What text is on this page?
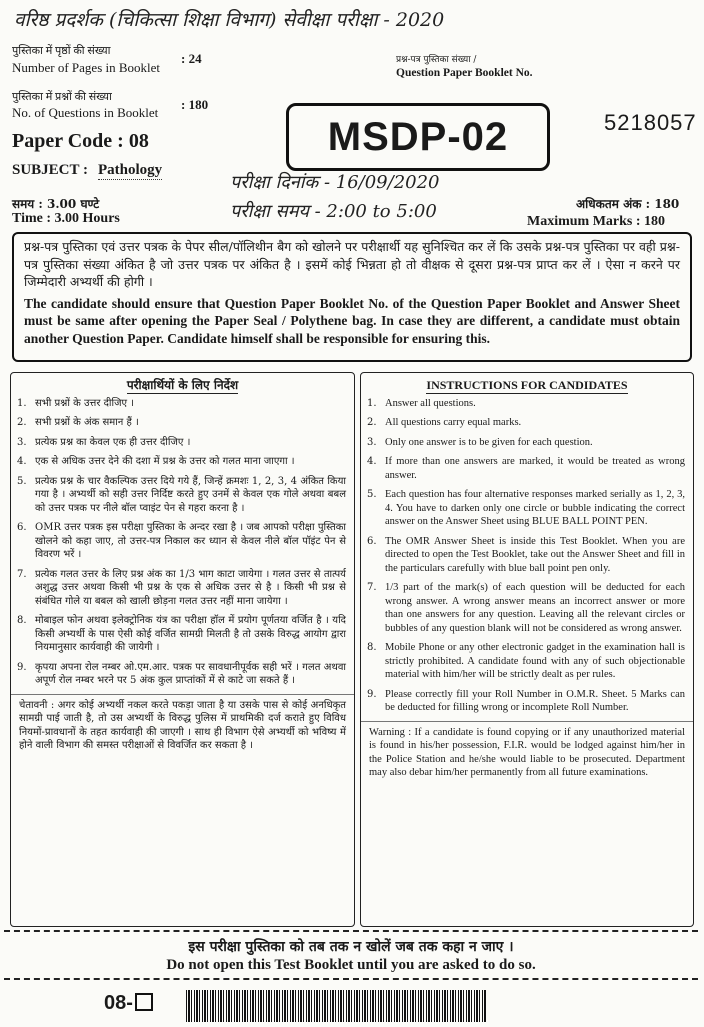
वरिष्ठ प्रदर्शक (चिकित्सा शिक्षा विभाग) सेवीक्षा परीक्षा - 2020
पुस्तिका में पृष्ठों की संख्या
Number of Pages in Booklet
: 24
पुस्तिका में प्रश्नों की संख्या
No. of Questions in Booklet
: 180
Paper Code : 08
SUBJECT : Pathology
समय : 3.00 घण्टे
Time : 3.00 Hours
प्रश्न-पत्र पुस्तिका संख्या /
Question Paper Booklet No.
5218057
MSDP-02
परीक्षा दिनांक - 16/09/2020
परीक्षा समय - 2:00 to 5:00	अधिकतम अंक : 180
Maximum Marks : 180
प्रश्न-पत्र पुस्तिका एवं उत्तर पत्रक के पेपर सील/पॉलिथीन बैग को खोलने पर परीक्षार्थी यह सुनिश्चित कर लें कि उसके प्रश्न-पत्र पुस्तिका पर वही प्रश्न-पत्र पुस्तिका संख्या अंकित है जो उत्तर पत्रक पर अंकित है । इसमें कोई भिन्नता हो तो वीक्षक से दूसरा प्रश्न-पत्र प्राप्त कर लें । ऐसा न करने पर जिम्मेदारी अभ्यर्थी की होगी ।
The candidate should ensure that Question Paper Booklet No. of the Question Paper Booklet and Answer Sheet must be same after opening the Paper Seal / Polythene bag. In case they are different, a candidate must obtain another Question Paper. Candidate himself shall be responsible for ensuring this.
परीक्षार्थियों के लिए निर्देश
1. सभी प्रश्नों के उत्तर दीजिए ।
2. सभी प्रश्नों के अंक समान हैं ।
3. प्रत्येक प्रश्न का केवल एक ही उत्तर दीजिए ।
4. एक से अधिक उत्तर देने की दशा में प्रश्न के उत्तर को गलत माना जाएगा ।
5. प्रत्येक प्रश्न के चार वैकल्पिक उत्तर दिये गये हैं, जिन्हें क्रमशः 1, 2, 3, 4 अंकित किया गया है । अभ्यर्थी को सही उत्तर निर्दिष्ट करते हुए उनमें से केवल एक गोले अथवा बबल को उत्तर पत्रक पर नीले बॉल प्वाइंट पेन से गहरा करना है ।
6. OMR उत्तर पत्रक इस परीक्षा पुस्तिका के अन्दर रखा है । जब आपको परीक्षा पुस्तिका खोलने को कहा जाए, तो उत्तर-पत्र निकाल कर ध्यान से केवल नीले बॉल पॉइंट पेन से विवरण भरें ।
7. प्रत्येक गलत उत्तर के लिए प्रश्न अंक का 1/3 भाग काटा जायेगा । गलत उत्तर से तात्पर्य अशुद्ध उत्तर अथवा किसी भी प्रश्न के एक से अधिक उत्तर से है । किसी भी प्रश्न से संबंधित गोले या बबल को खाली छोड़ना गलत उत्तर नहीं माना जायेगा ।
8. मोबाइल फोन अथवा इलेक्ट्रोनिक यंत्र का परीक्षा हॉल में प्रयोग पूर्णतया वर्जित है । यदि किसी अभ्यर्थी के पास ऐसी कोई वर्जित सामग्री मिलती है तो उसके विरुद्ध आयोग द्वारा नियमानुसार कार्यवाही की जायेगी ।
9. कृपया अपना रोल नम्बर ओ.एम.आर. पत्रक पर सावधानीपूर्वक सही भरें । गलत अथवा अपूर्ण रोल नम्बर भरने पर 5 अंक कुल प्राप्तांकों में से काटे जा सकते हैं ।
चेतावनी : अगर कोई अभ्यर्थी नकल करते पकड़ा जाता है या उसके पास से कोई अनधिकृत सामग्री पाई जाती है, तो उस अभ्यर्थी के विरुद्ध पुलिस में प्राथमिकी दर्ज कराते हुए विविध नियमों-प्रावधानों के तहत कार्यवाही की जाएगी । साथ ही विभाग ऐसे अभ्यर्थी को भविष्य में होने वाली विभाग की समस्त परीक्षाओं से विवर्जित कर सकता है ।
INSTRUCTIONS FOR CANDIDATES
1. Answer all questions.
2. All questions carry equal marks.
3. Only one answer is to be given for each question.
4. If more than one answers are marked, it would be treated as wrong answer.
5. Each question has four alternative responses marked serially as 1, 2, 3, 4. You have to darken only one circle or bubble indicating the correct answer on the Answer Sheet using BLUE BALL POINT PEN.
6. The OMR Answer Sheet is inside this Test Booklet. When you are directed to open the Test Booklet, take out the Answer Sheet and fill in the particulars carefully with blue ball point pen only.
7. 1/3 part of the mark(s) of each question will be deducted for each wrong answer. A wrong answer means an incorrect answer or more than one answers for any question. Leaving all the relevant circles or bubbles of any question blank will not be considered as wrong answer.
8. Mobile Phone or any other electronic gadget in the examination hall is strictly prohibited. A candidate found with any of such objectionable material with him/her will be strictly dealt as per rules.
9. Please correctly fill your Roll Number in O.M.R. Sheet. 5 Marks can be deducted for filling wrong or incomplete Roll Number.
Warning : If a candidate is found copying or if any unauthorized material is found in his/her possession, F.I.R. would be lodged against him/her in the Police Station and he/she would liable to be prosecuted. Department may also debar him/her permanently from all future examinations.
इस परीक्षा पुस्तिका को तब तक न खोलें जब तक कहा न जाए ।
Do not open this Test Booklet until you are asked to do so.
08-
